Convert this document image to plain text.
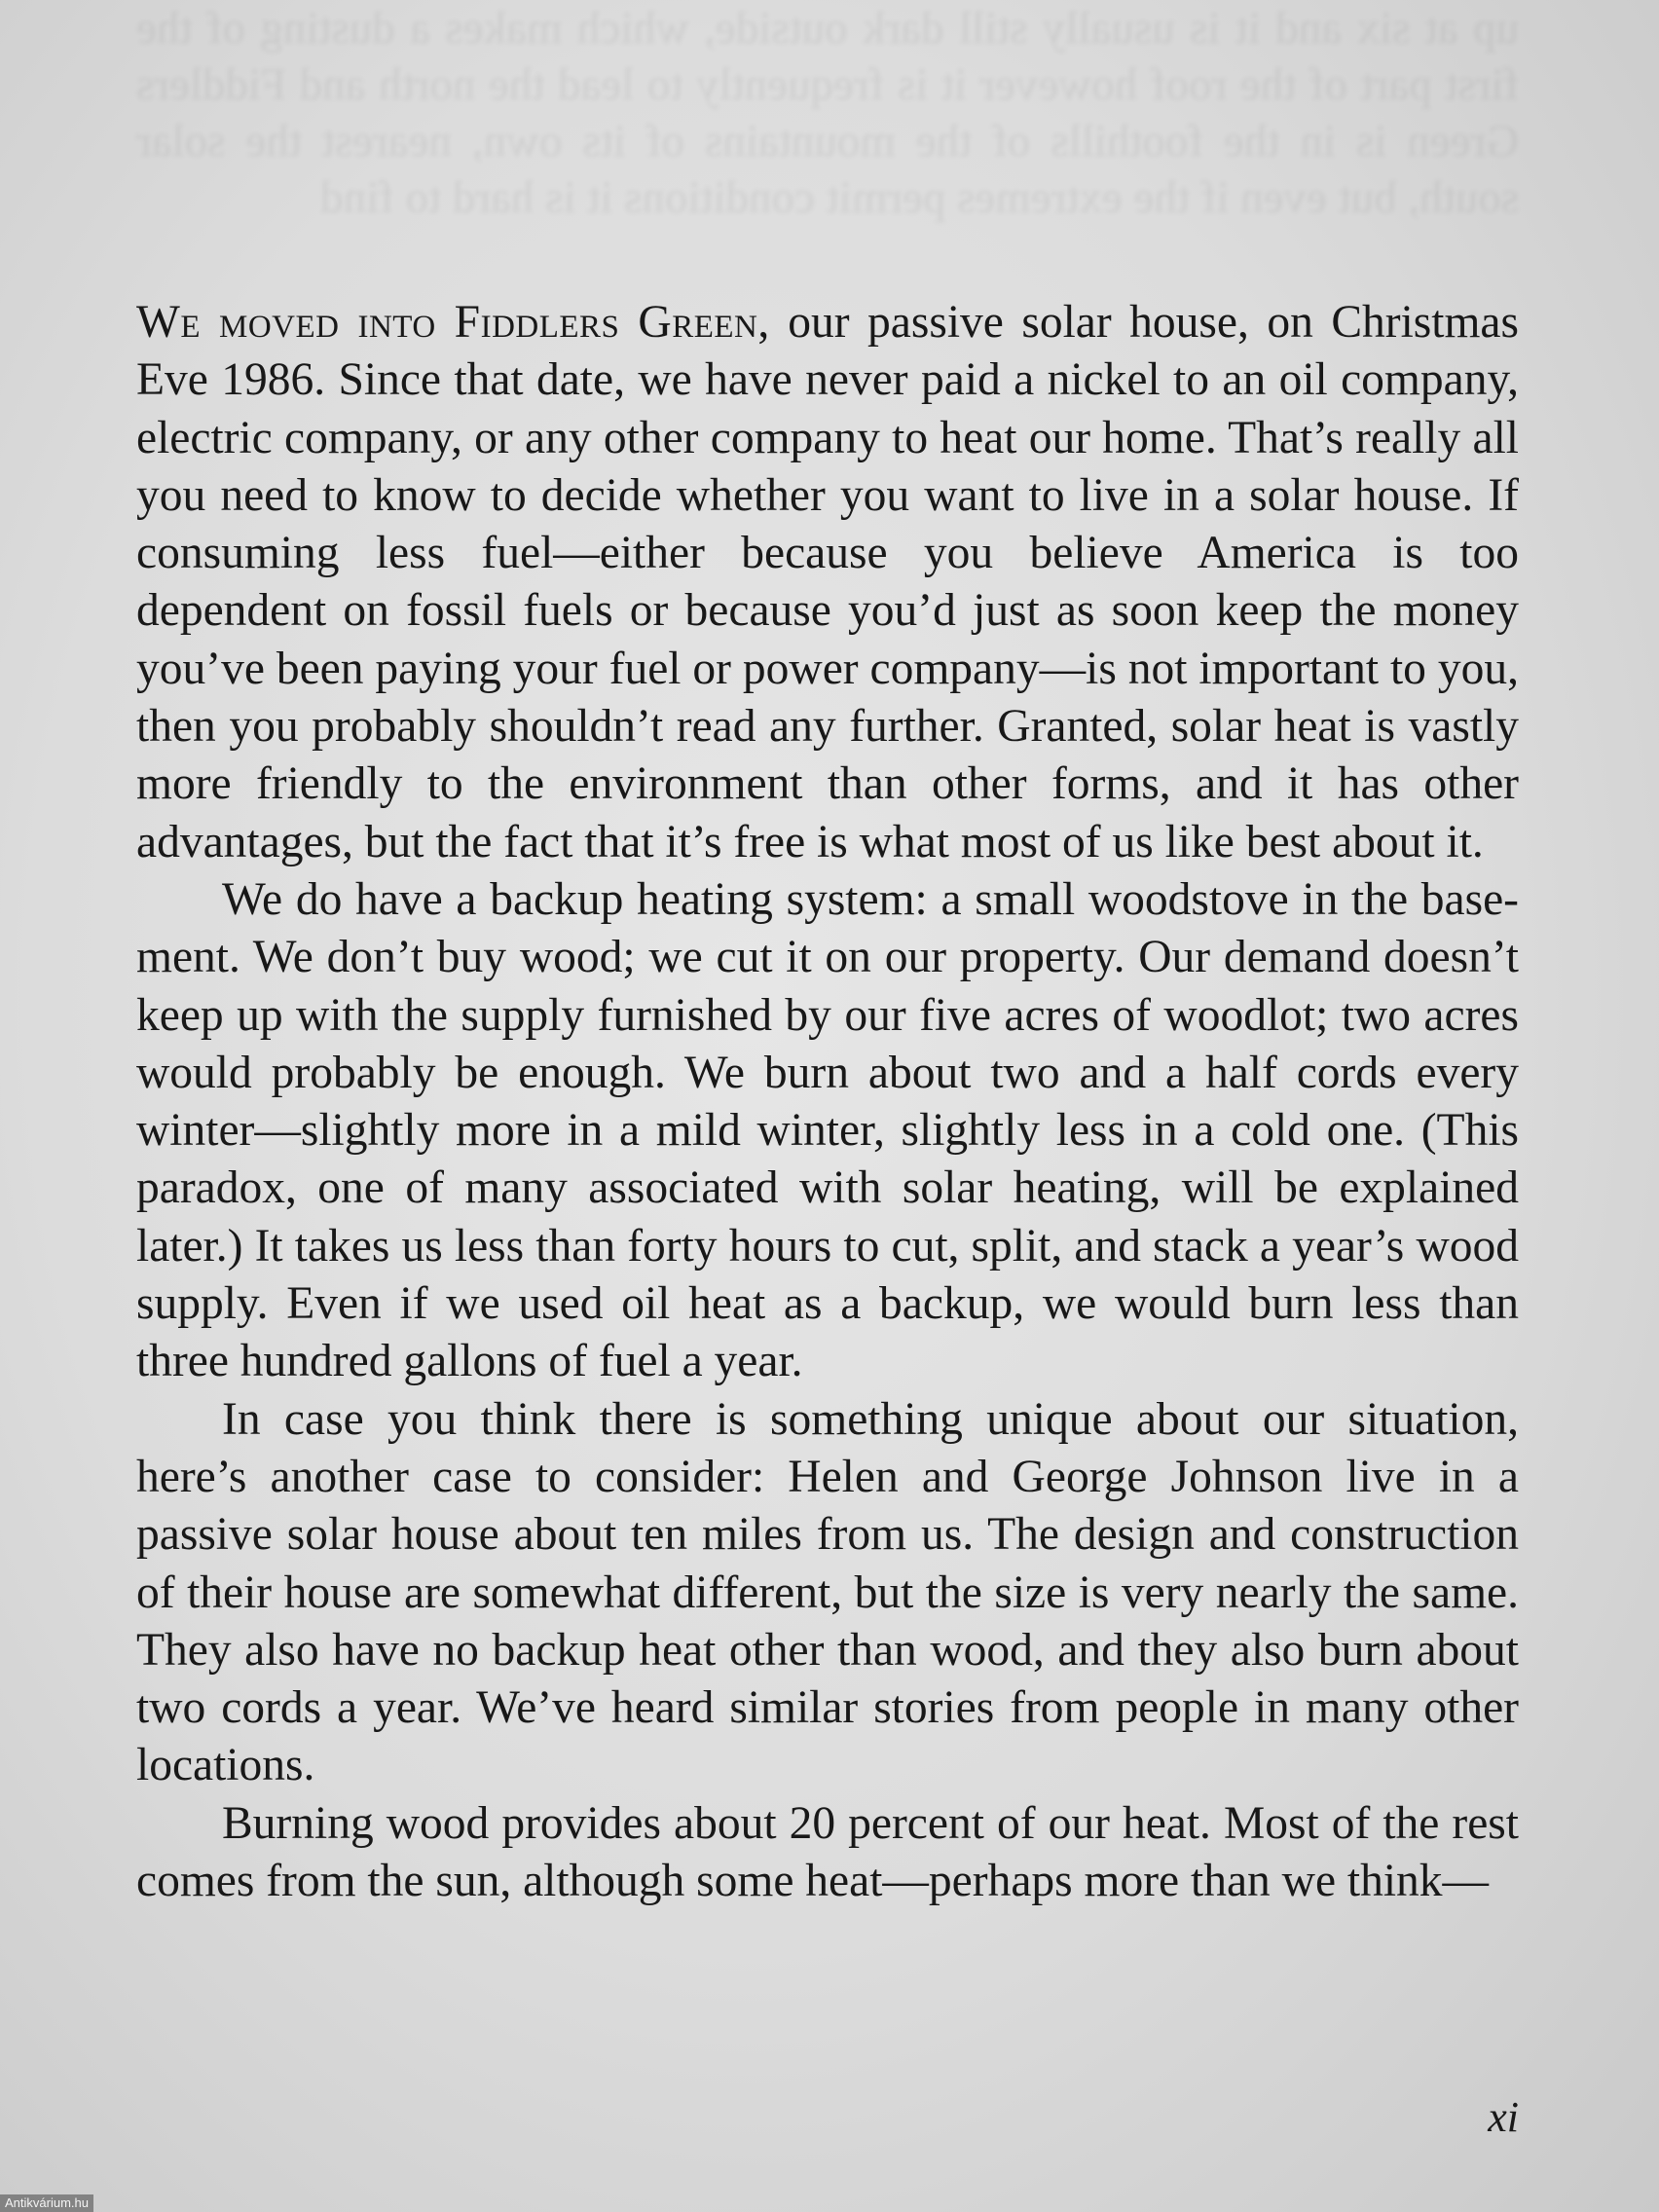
up at six and it is usually still dark outside, which makes a dusting of the first part of the roof however it is frequently to lead the north and Fiddlers Green is in the foothills of the mountains of its own, nearest the solar south, but even if the extremes permit conditions it is hard to find

We moved into Fiddlers Green, our passive solar house, on Christmas Eve 1986. Since that date, we have never paid a nickel to an oil company, electric company, or any other company to heat our home. That’s really all you need to know to decide whether you want to live in a solar house. If consuming less fuel—either because you believe America is too dependent on fossil fuels or because you’d just as soon keep the money you’ve been paying your fuel or power company—is not important to you, then you probably shouldn’t read any further. Granted, solar heat is vastly more friendly to the environment than other forms, and it has other advantages, but the fact that it’s free is what most of us like best about it.

We do have a backup heating system: a small woodstove in the basement. We don’t buy wood; we cut it on our property. Our demand doesn’t keep up with the supply furnished by our five acres of woodlot; two acres would probably be enough. We burn about two and a half cords every winter—slightly more in a mild winter, slightly less in a cold one. (This paradox, one of many associated with solar heating, will be explained later.) It takes us less than forty hours to cut, split, and stack a year’s wood supply. Even if we used oil heat as a backup, we would burn less than three hundred gallons of fuel a year.

In case you think there is something unique about our situation, here’s another case to consider: Helen and George Johnson live in a passive solar house about ten miles from us. The design and construction of their house are somewhat different, but the size is very nearly the same. They also have no backup heat other than wood, and they also burn about two cords a year. We’ve heard similar stories from people in many other locations.

Burning wood provides about 20 percent of our heat. Most of the rest comes from the sun, although some heat—perhaps more than we think—

xi
Antikvárium.hu
